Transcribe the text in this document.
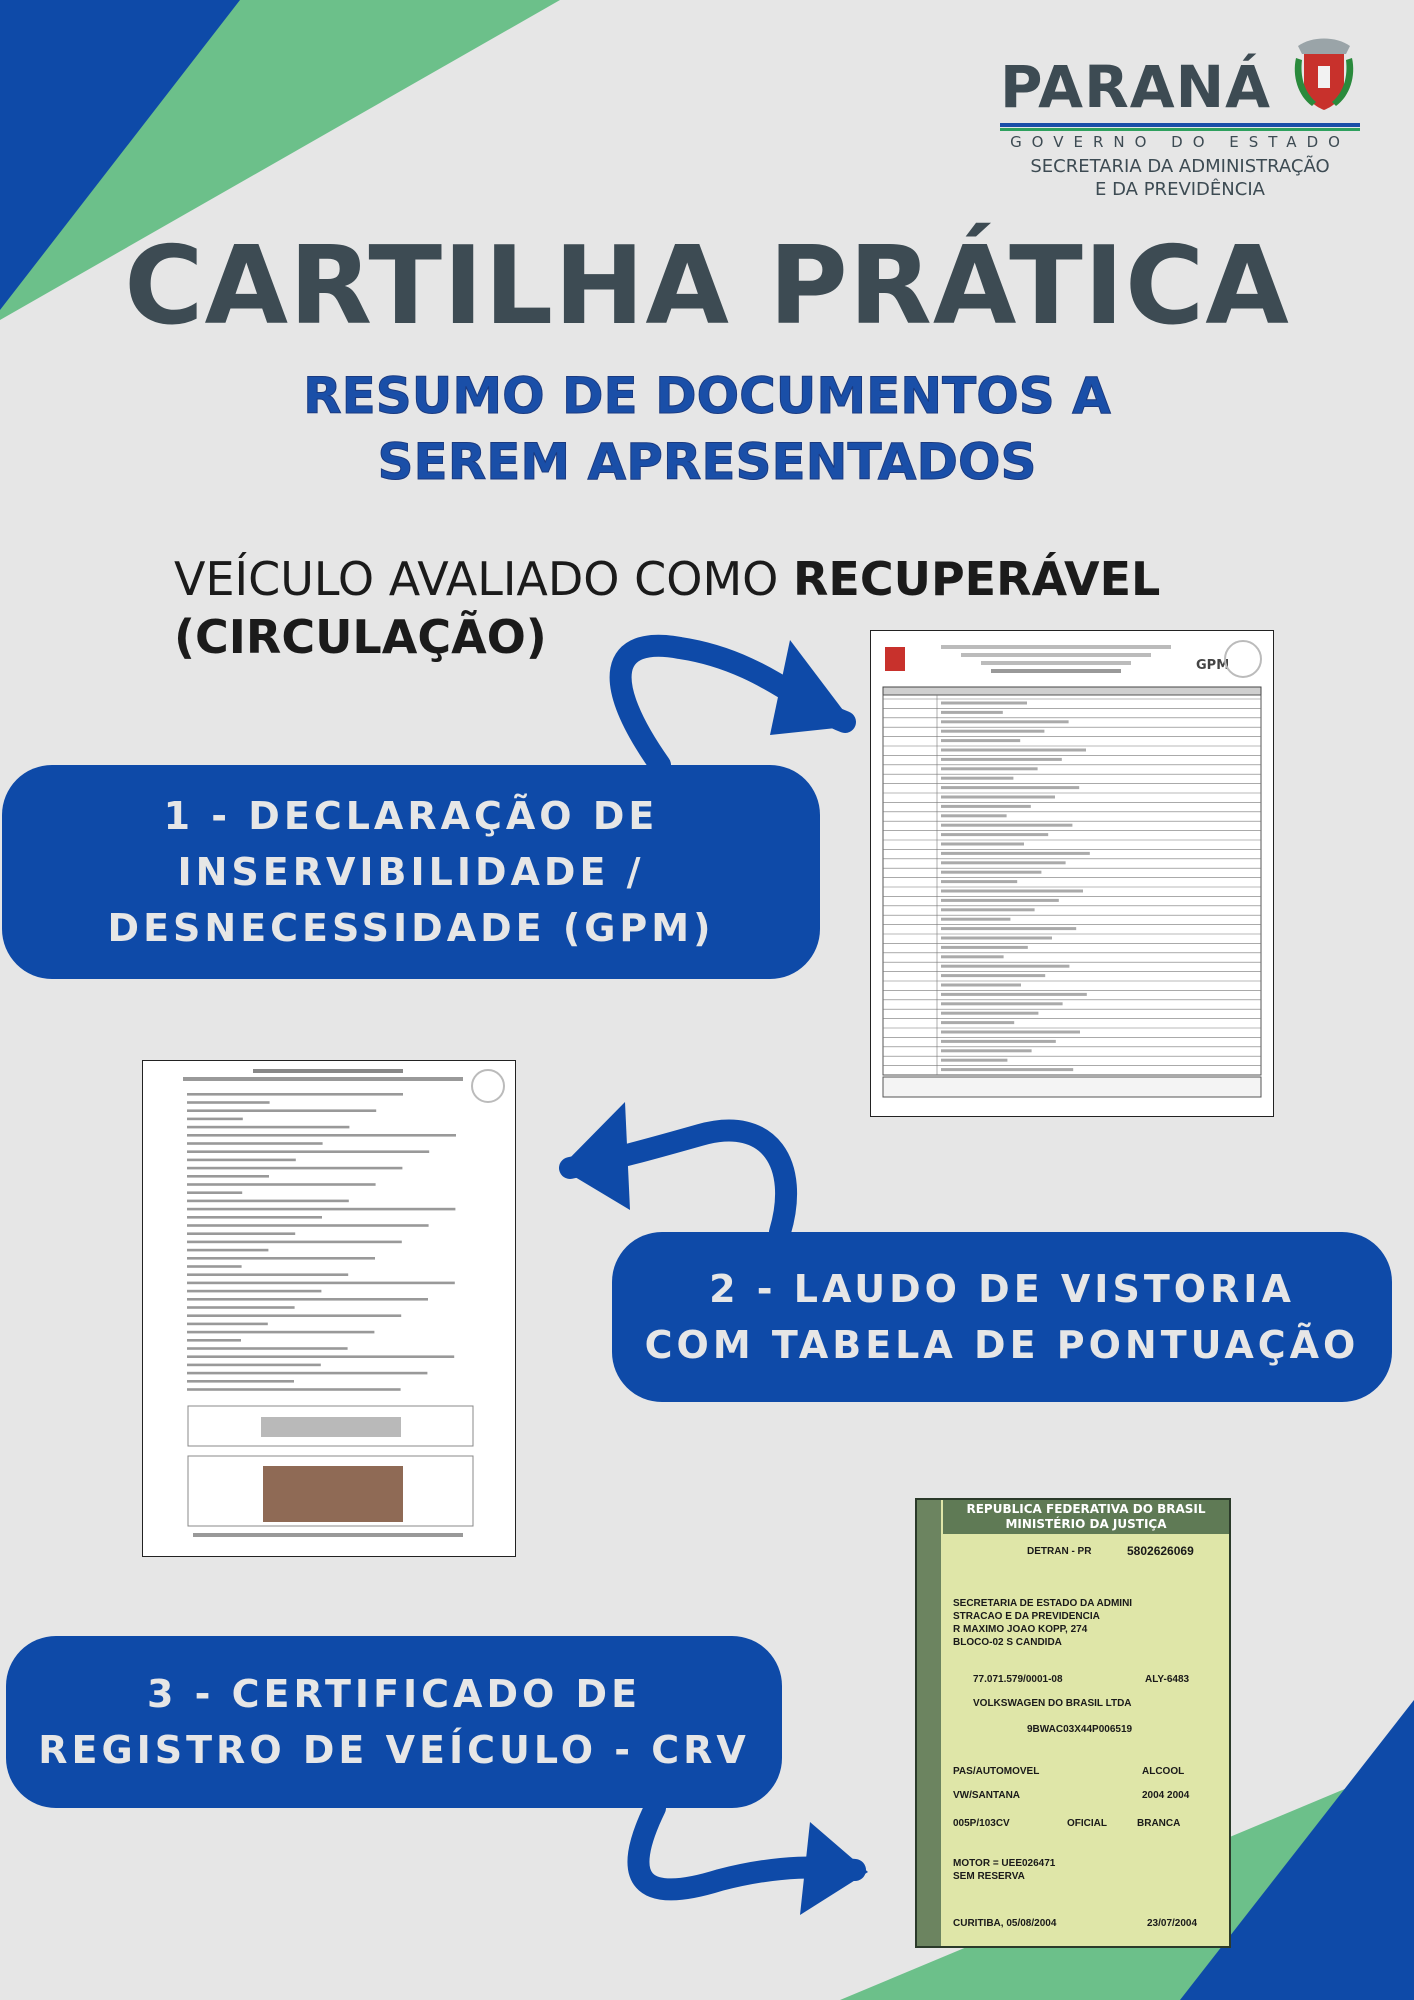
PARANÁ
GOVERNO DO ESTADO
SECRETARIA DA ADMINISTRAÇÃO
E DA PREVIDÊNCIA
CARTILHA PRÁTICA
RESUMO DE DOCUMENTOS A
SEREM APRESENTADOS
VEÍCULO AVALIADO COMO RECUPERÁVEL
(CIRCULAÇÃO)
1 - DECLARAÇÃO DE
INSERVIBILIDADE /
DESNECESSIDADE (GPM)
2 - LAUDO DE VISTORIA
COM TABELA DE PONTUAÇÃO
3 - CERTIFICADO DE
REGISTRO DE VEÍCULO - CRV
GPM
REPUBLICA FEDERATIVA DO BRASIL
MINISTÉRIO DA JUSTIÇA
DETRAN - PR	5802626069
SECRETARIA DE ESTADO DA ADMINI
STRACAO E DA PREVIDENCIA
R MAXIMO JOAO KOPP, 274
BLOCO-02 S CANDIDA
77.071.579/0001-08	ALY-6483
VOLKSWAGEN DO BRASIL LTDA
9BWAC03X44P006519
PAS/AUTOMOVEL	ALCOOL
VW/SANTANA	2004 2004
005P/103CV	OFICIAL	BRANCA
MOTOR = UEE026471
SEM RESERVA
CURITIBA, 05/08/2004	23/07/2004
